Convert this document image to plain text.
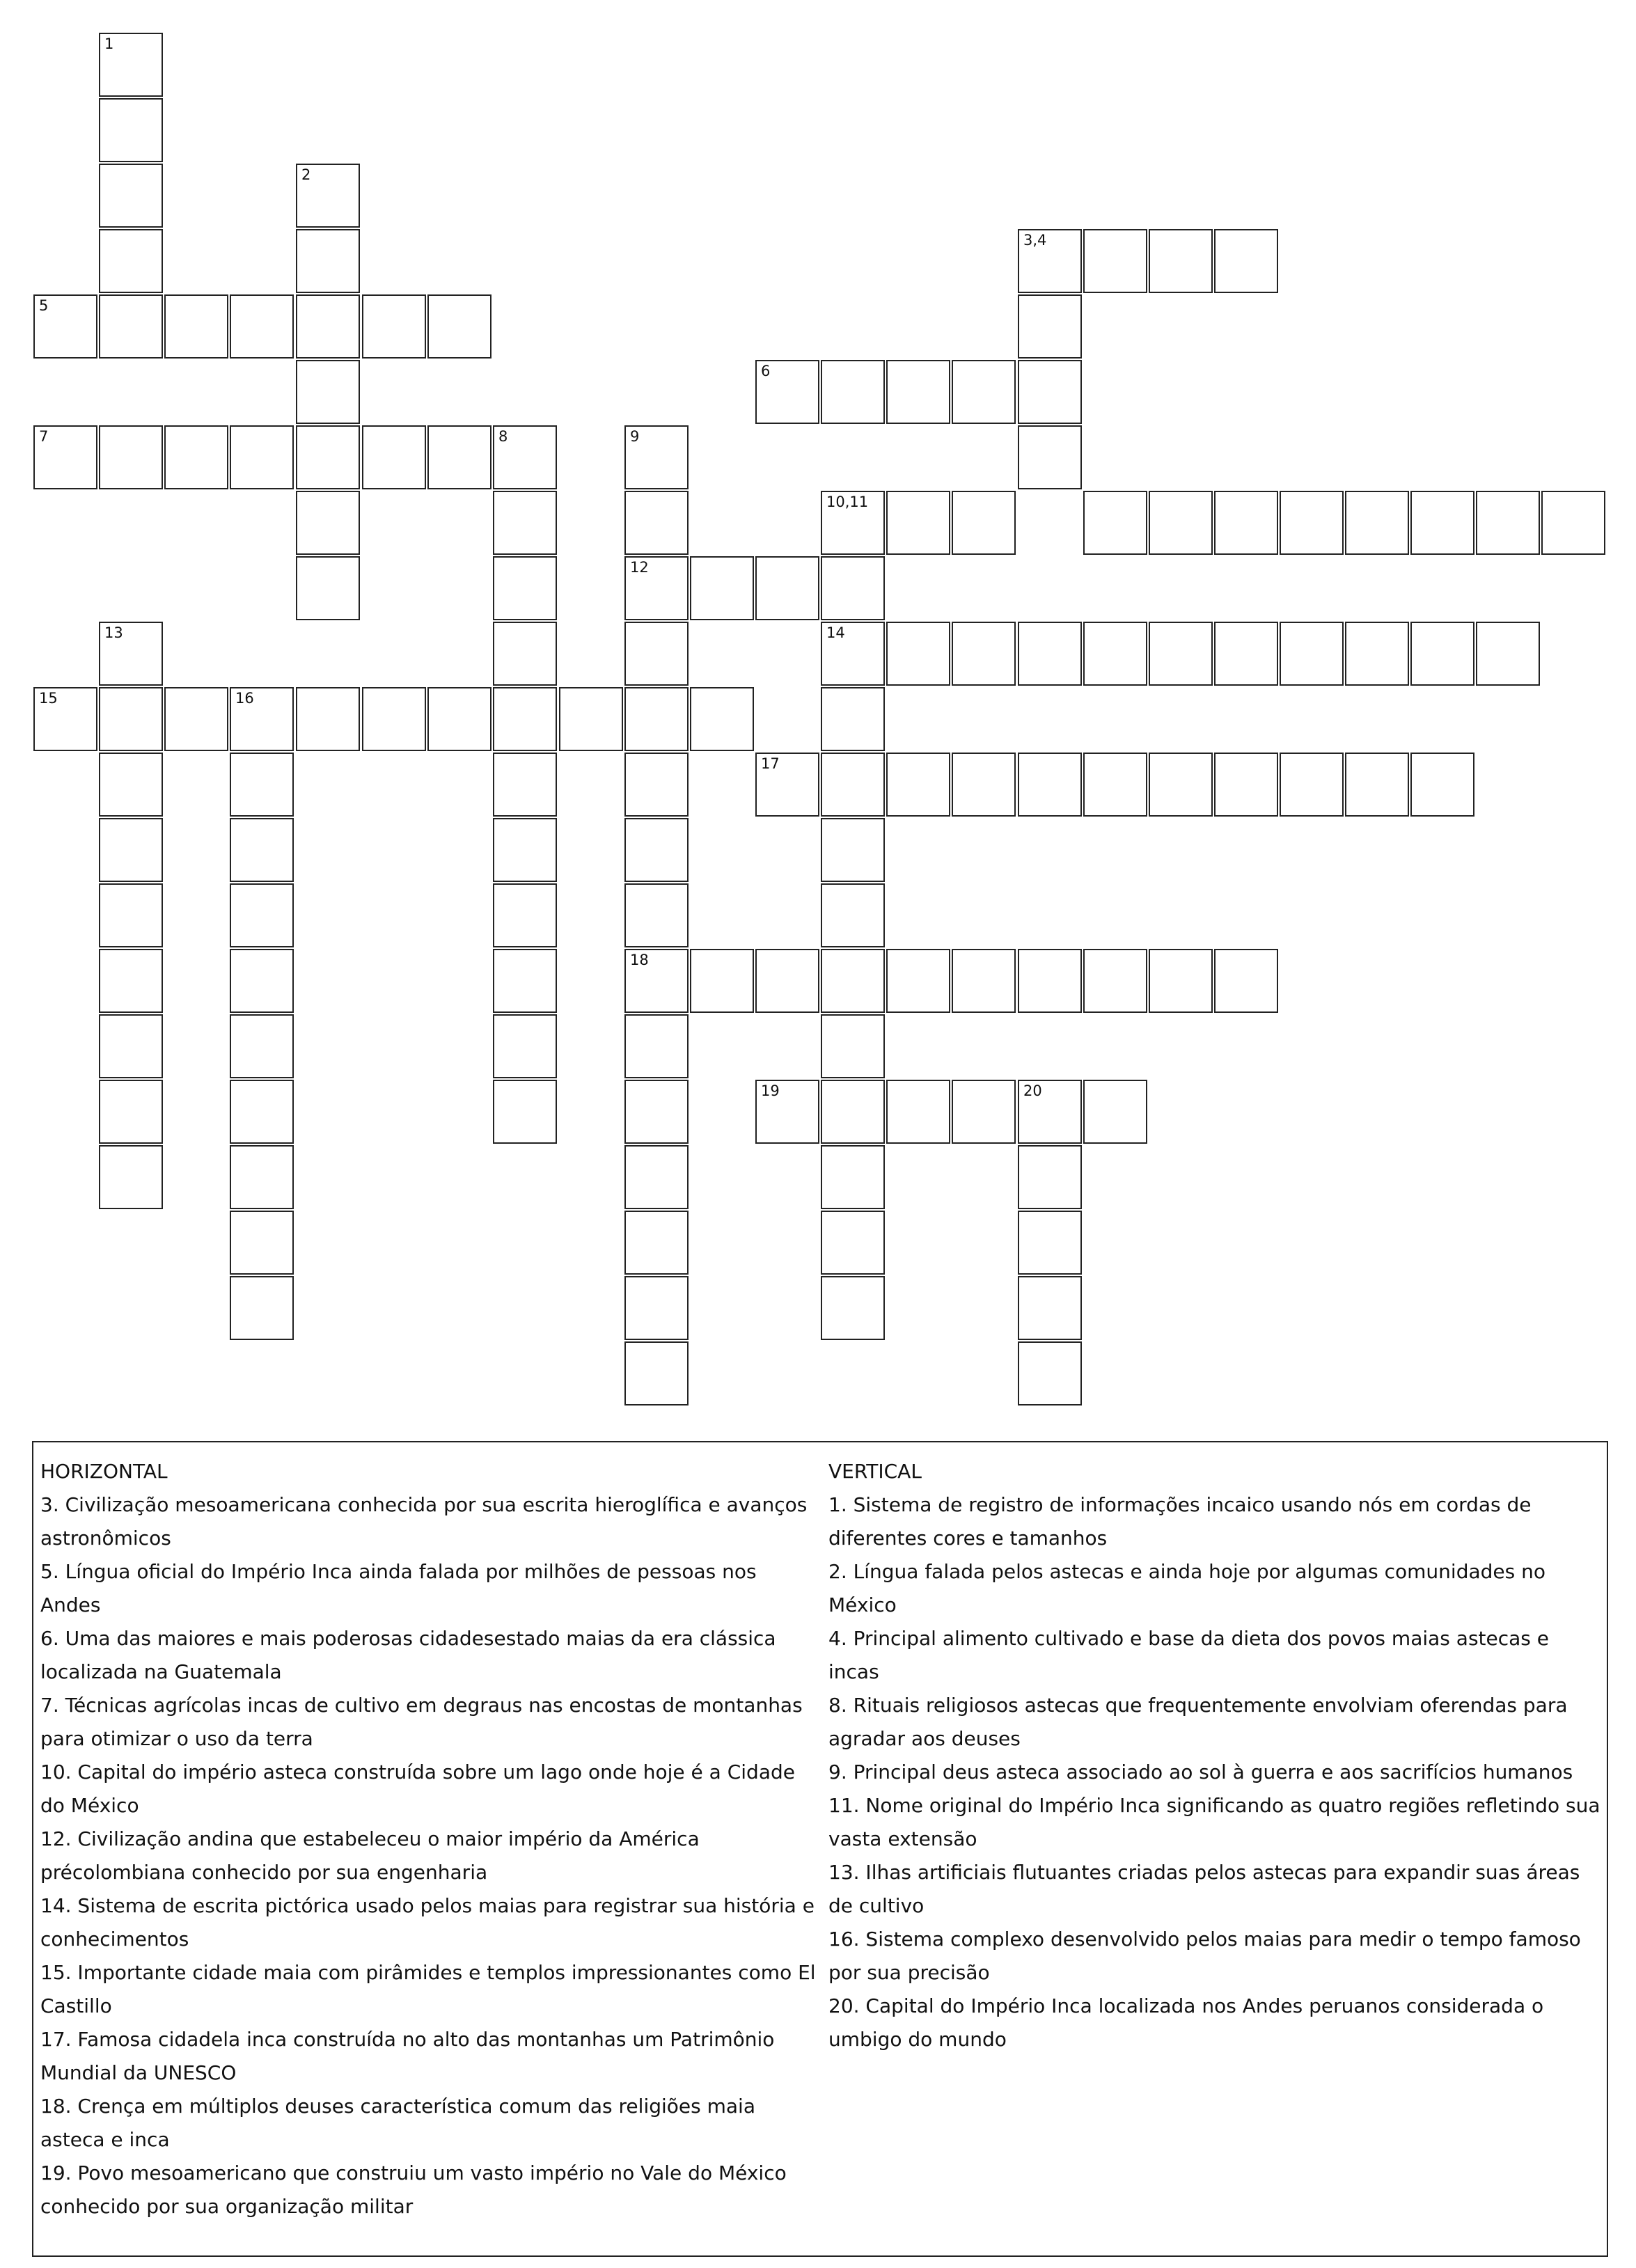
1
2
5
3,4
6
7	8	9
12
18
10,11
14
15	16
13
17
19	20
HORIZONTAL
3. Civilização mesoamericana conhecida por sua escrita hieroglífica e avanços astronômicos
5. Língua oficial do Império Inca ainda falada por milhões de pessoas nos Andes
6. Uma das maiores e mais poderosas cidadesestado maias da era clássica localizada na Guatemala
7. Técnicas agrícolas incas de cultivo em degraus nas encostas de montanhas para otimizar o uso da terra
10. Capital do império asteca construída sobre um lago onde hoje é a Cidade do México
12. Civilização andina que estabeleceu o maior império da América précolombiana conhecido por sua engenharia
14. Sistema de escrita pictórica usado pelos maias para registrar sua história e conhecimentos
15. Importante cidade maia com pirâmides e templos impressionantes como El Castillo
17. Famosa cidadela inca construída no alto das montanhas um Patrimônio Mundial da UNESCO
18. Crença em múltiplos deuses característica comum das religiões maia asteca e inca
19. Povo mesoamericano que construiu um vasto império no Vale do México conhecido por sua organização militar
VERTICAL
1. Sistema de registro de informações incaico usando nós em cordas de diferentes cores e tamanhos
2. Língua falada pelos astecas e ainda hoje por algumas comunidades no México
4. Principal alimento cultivado e base da dieta dos povos maias astecas e incas
8. Rituais religiosos astecas que frequentemente envolviam oferendas para agradar aos deuses
9. Principal deus asteca associado ao sol à guerra e aos sacrifícios humanos
11. Nome original do Império Inca significando as quatro regiões refletindo sua vasta extensão
13. Ilhas artificiais flutuantes criadas pelos astecas para expandir suas áreas de cultivo
16. Sistema complexo desenvolvido pelos maias para medir o tempo famoso por sua precisão
20. Capital do Império Inca localizada nos Andes peruanos considerada o umbigo do mundo
